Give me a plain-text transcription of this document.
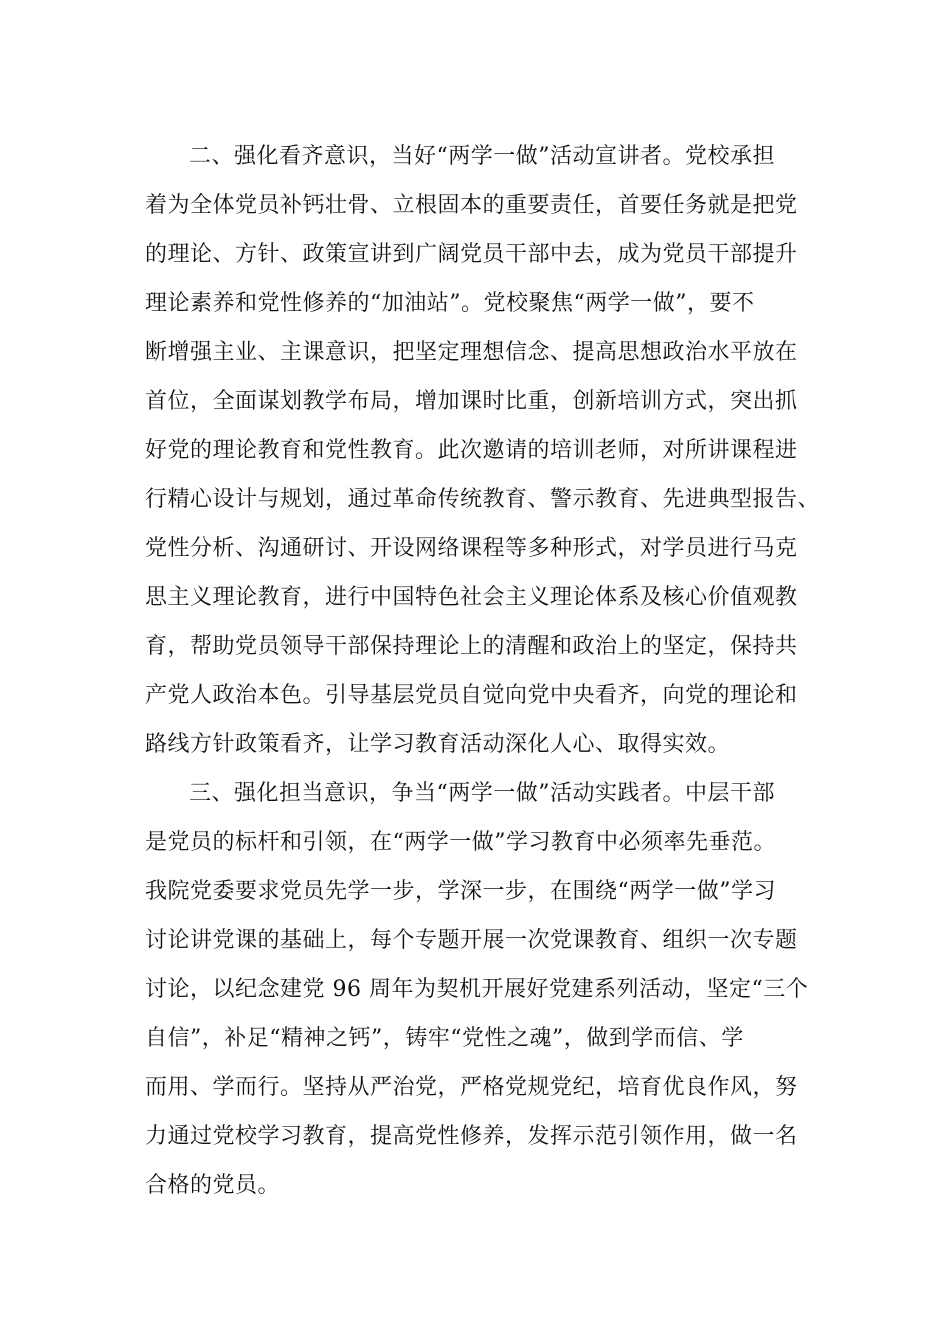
二、强化看齐意识，当好“两学一做”活动宣讲者。党校承担
着为全体党员补钙壮骨、立根固本的重要责任，首要任务就是把党
的理论、方针、政策宣讲到广阔党员干部中去，成为党员干部提升
理论素养和党性修养的“加油站”。党校聚焦“两学一做”，要不
断增强主业、主课意识，把坚定理想信念、提高思想政治水平放在
首位，全面谋划教学布局，增加课时比重，创新培训方式，突出抓
好党的理论教育和党性教育。此次邀请的培训老师，对所讲课程进
行精心设计与规划，通过革命传统教育、警示教育、先进典型报告、
党性分析、沟通研讨、开设网络课程等多种形式，对学员进行马克
思主义理论教育，进行中国特色社会主义理论体系及核心价值观教
育，帮助党员领导干部保持理论上的清醒和政治上的坚定，保持共
产党人政治本色。引导基层党员自觉向党中央看齐，向党的理论和
路线方针政策看齐，让学习教育活动深化人心、取得实效。
三、强化担当意识，争当“两学一做”活动实践者。中层干部
是党员的标杆和引领，在“两学一做”学习教育中必须率先垂范。
我院党委要求党员先学一步，学深一步，在围绕“两学一做”学习
讨论讲党课的基础上，每个专题开展一次党课教育、组织一次专题
讨论，以纪念建党 96 周年为契机开展好党建系列活动，坚定“三个
自信”，补足“精神之钙”，铸牢“党性之魂”，做到学而信、学
而用、学而行。坚持从严治党，严格党规党纪，培育优良作风，努
力通过党校学习教育，提高党性修养，发挥示范引领作用，做一名
合格的党员。
